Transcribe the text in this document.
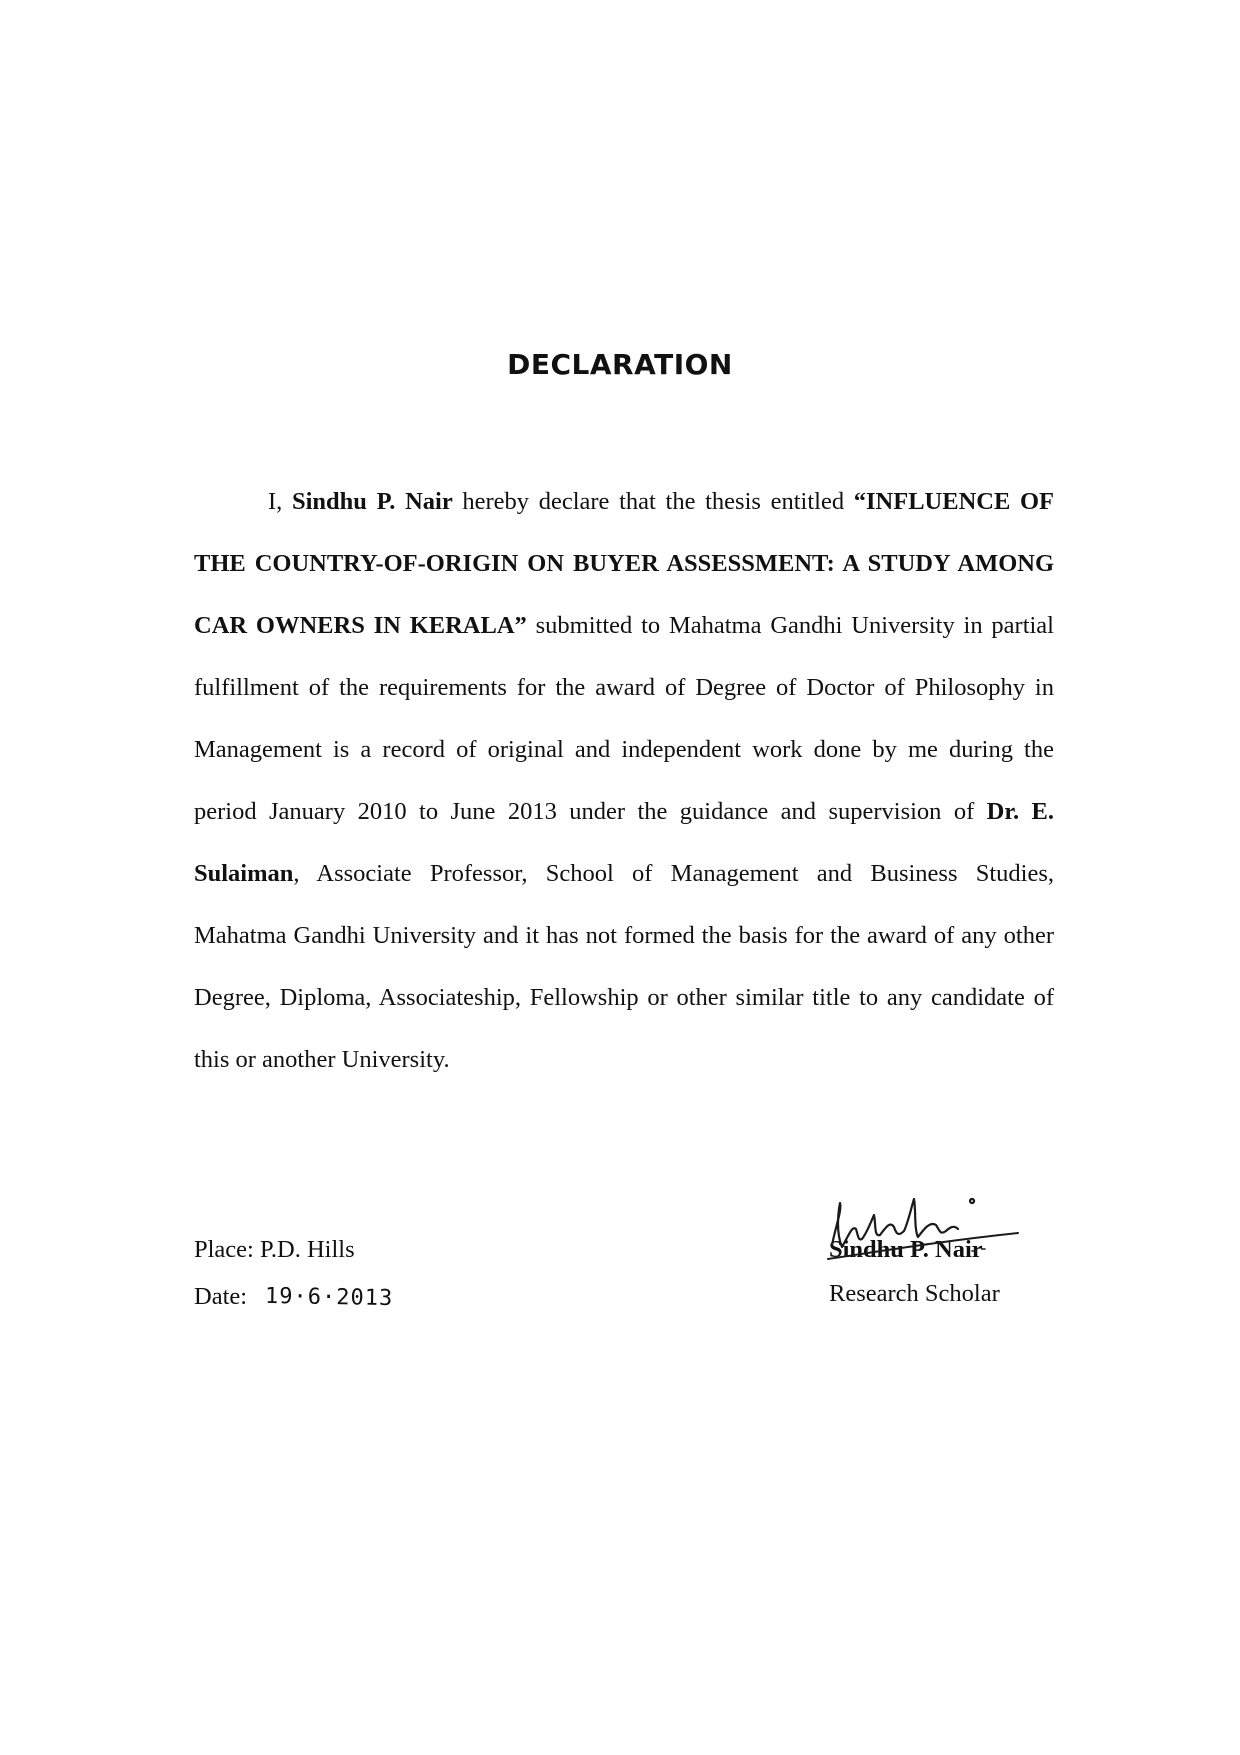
DECLARATION

I, Sindhu P. Nair hereby declare that the thesis entitled “INFLUENCE OF THE COUNTRY-OF-ORIGIN ON BUYER ASSESSMENT: A STUDY AMONG CAR OWNERS IN KERALA” submitted to Mahatma Gandhi University in partial fulfillment of the requirements for the award of Degree of Doctor of Philosophy in Management is a record of original and independent work done by me during the period January 2010 to June 2013 under the guidance and supervision of Dr. E. Sulaiman, Associate Professor, School of Management and Business Studies, Mahatma Gandhi University and it has not formed the basis for the award of any other Degree, Diploma, Associateship, Fellowship or other similar title to any candidate of this or another University.

Place: P.D. Hills

Date: 19·6·2013

Sindhu P. Nair

Research Scholar
